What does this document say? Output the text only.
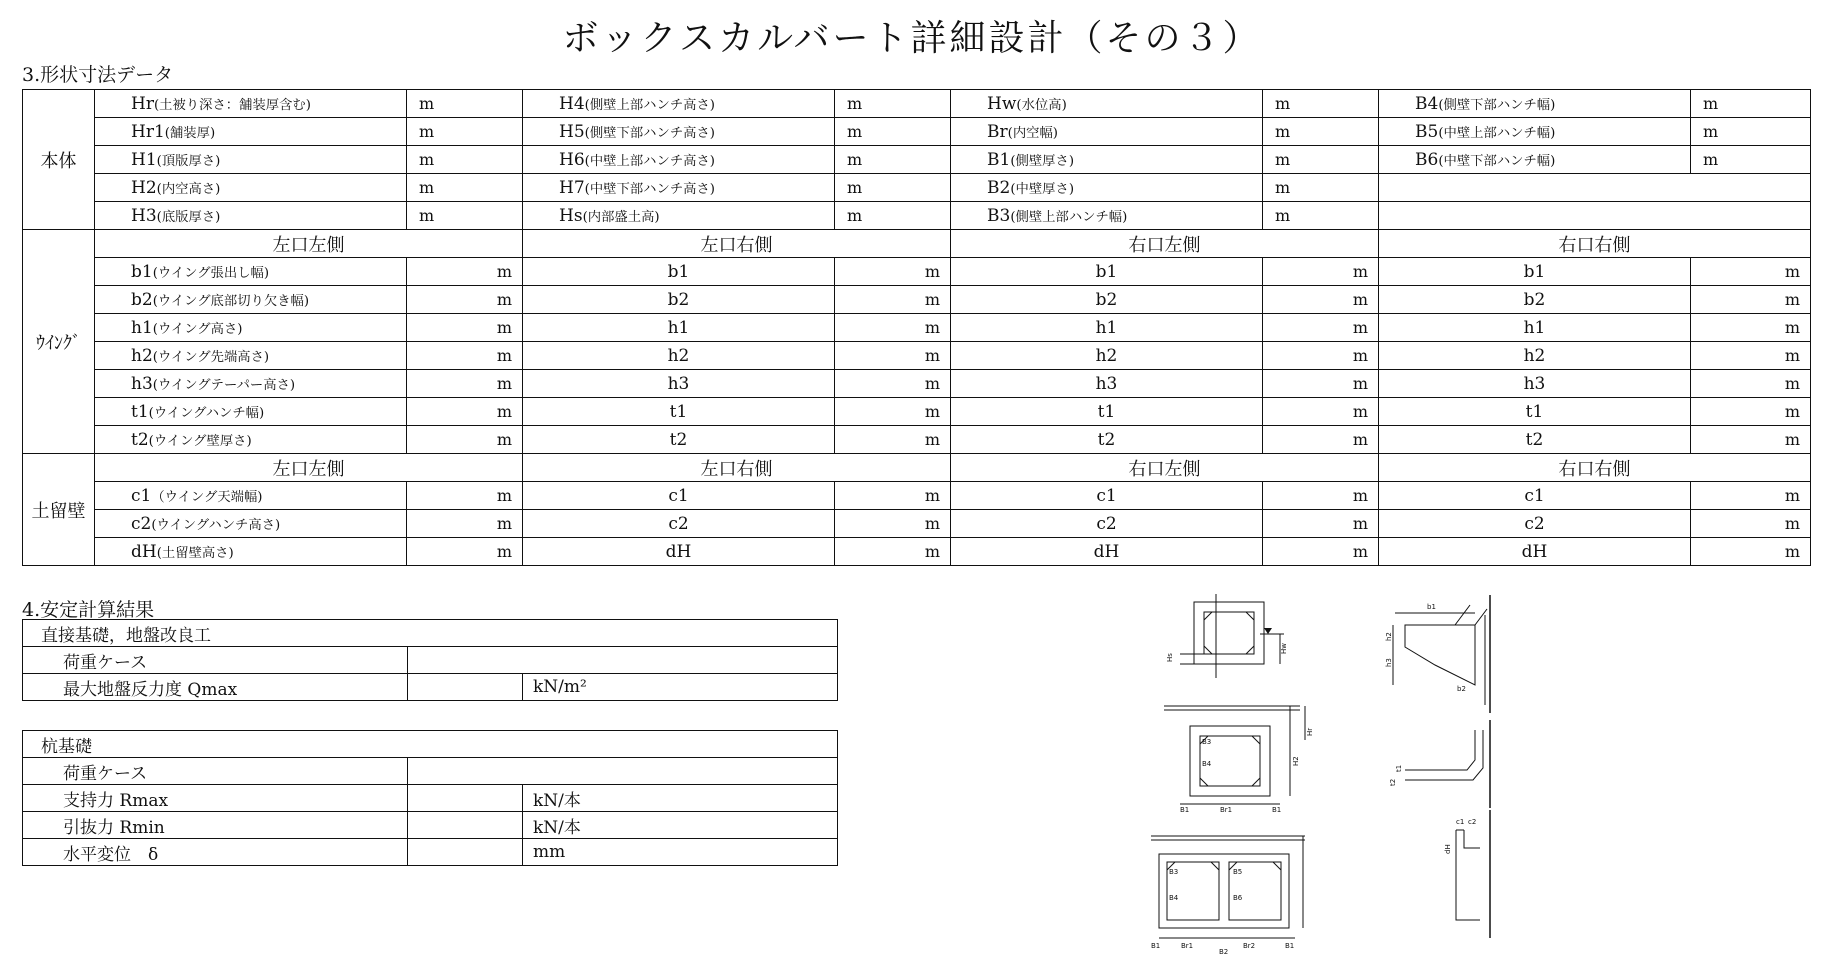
ボックスカルバート詳細設計（その３）
3.形状寸法データ
本体	Hr(土被り深さ：舗装厚含む)	m	H4(側壁上部ハンチ高さ)	m	Hw(水位高)	m	B4(側壁下部ハンチ幅)	m
Hr1(舗装厚)	m	H5(側壁下部ハンチ高さ)	m	Br(内空幅)	m	B5(中壁上部ハンチ幅)	m
H1(頂版厚さ)	m	H6(中壁上部ハンチ高さ)	m	B1(側壁厚さ)	m	B6(中壁下部ハンチ幅)	m
H2(内空高さ)	m	H7(中壁下部ハンチ高さ)	m	B2(中壁厚さ)	m	
H3(底版厚さ)	m	Hs(内部盛土高)	m	B3(側壁上部ハンチ幅)	m	
ｳｲﾝｸﾞ	左口左側		左口右側		右口左側		右口右側	
	b1(ウイング張出し幅)	m	b1	m	b1	m	b1	m
	b2(ウイング底部切り欠き幅)	m	b2	m	b2	m	b2	m
	h1(ウイング高さ)	m	h1	m	h1	m	h1	m
	h2(ウイング先端高さ)	m	h2	m	h2	m	h2	m
	h3(ウイングテーパー高さ)	m	h3	m	h3	m	h3	m
	t1(ウイングハンチ幅)	m	t1	m	t1	m	t1	m
	t2(ウイング壁厚さ)	m	t2	m	t2	m	t2	m
土留壁	左口左側		左口右側		右口左側		右口右側	
	c1（ウイング天端幅)	m	c1	m	c1	m	c1	m
	c2(ウイングハンチ高さ)	m	c2	m	c2	m	c2	m
	dH(土留壁高さ)	m	dH	m	dH	m	dH	m
4.安定計算結果
直接基礎，地盤改良工		
荷重ケース		
最大地盤反力度 Qmax		kN/m²
杭基礎		
荷重ケース		
支持力 Rmax		kN/本
引抜力 Rmin		kN/本
水平変位　δ		mm
Hs
Hw
B3
B4
B1	Br1	B1
H2
Hr
B3
B4	B6
B5
B1	Br1	Br2	B1
B2
b1
h2
h3
b2
t2
t1
c1 c2
dH
